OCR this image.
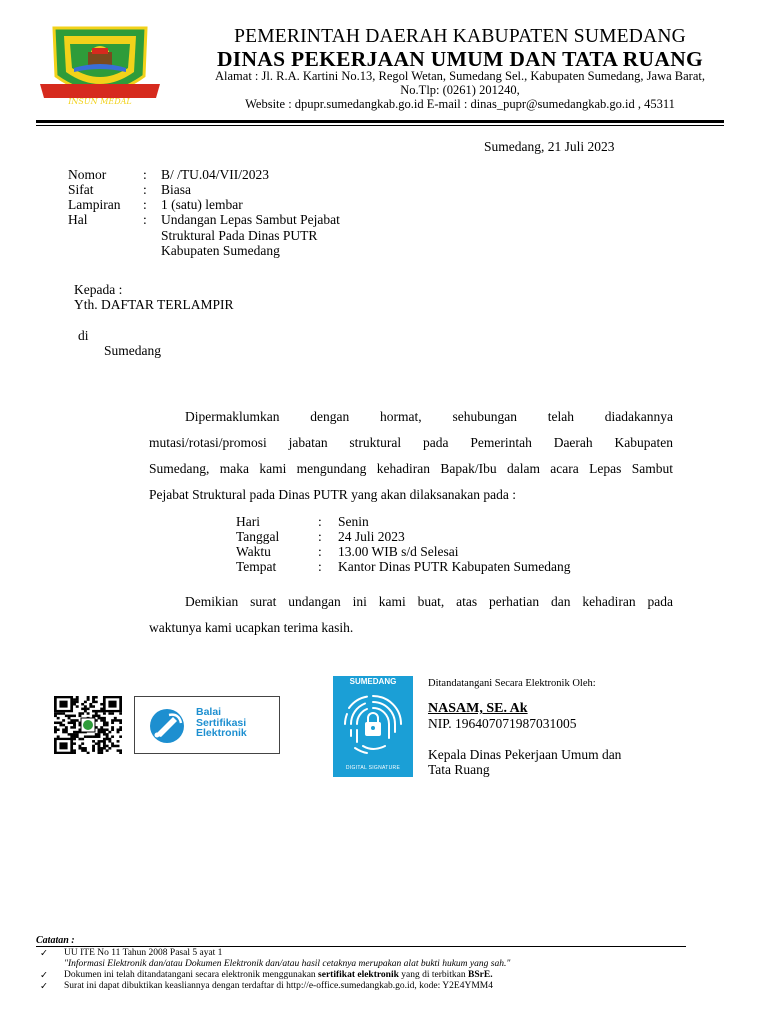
INSUN MEDAL
PEMERINTAH DAERAH KABUPATEN SUMEDANG
DINAS PEKERJAAN UMUM DAN TATA RUANG
Alamat : Jl. R.A. Kartini No.13, Regol Wetan, Sumedang Sel., Kabupaten Sumedang, Jawa Barat,
No.Tlp: (0261) 201240,
Website : dpupr.sumedangkab.go.id E-mail : dinas_pupr@sumedangkab.go.id , 45311
Sumedang, 21 Juli 2023
Nomor	: B/ /TU.04/VII/2023
Sifat	: Biasa
Lampiran : 1 (satu) lembar
Hal	: Undangan Lepas Sambut Pejabat
Struktural Pada Dinas PUTR
Kabupaten Sumedang
Kepada :
Yth. DAFTAR TERLAMPIR
di
Sumedang
Dipermaklumkan dengan hormat, sehubungan telah diadakannya
mutasi/rotasi/promosi jabatan struktural pada Pemerintah Daerah Kabupaten
Sumedang, maka kami mengundang kehadiran Bapak/Ibu dalam acara Lepas Sambut
Pejabat Struktural pada Dinas PUTR yang akan dilaksanakan pada :
Hari	: Senin
Tanggal	: 24 Juli 2023
Waktu	: 13.00 WIB s/d Selesai
Tempat	: Kantor Dinas PUTR Kabupaten Sumedang
Demikian surat undangan ini kami buat, atas perhatian dan kehadiran pada
waktunya kami ucapkan terima kasih.
Balai
Sertifikasi
Elektronik
SUMEDANG
DIGITAL SIGNATURE
Ditandatangani Secara Elektronik Oleh:
NASAM, SE. Ak
NIP. 196407071987031005
Kepala Dinas Pekerjaan Umum dan
Tata Ruang
Catatan :
✓ UU ITE No 11 Tahun 2008 Pasal 5 ayat 1
"Informasi Elektronik dan/atau Dokumen Elektronik dan/atau hasil cetaknya merupakan alat bukti hukum yang sah."
✓ Dokumen ini telah ditandatangani secara elektronik menggunakan sertifikat elektronik yang di terbitkan BSrE.
✓ Surat ini dapat dibuktikan keasliannya dengan terdaftar di http://e-office.sumedangkab.go.id, kode: Y2E4YMM4
